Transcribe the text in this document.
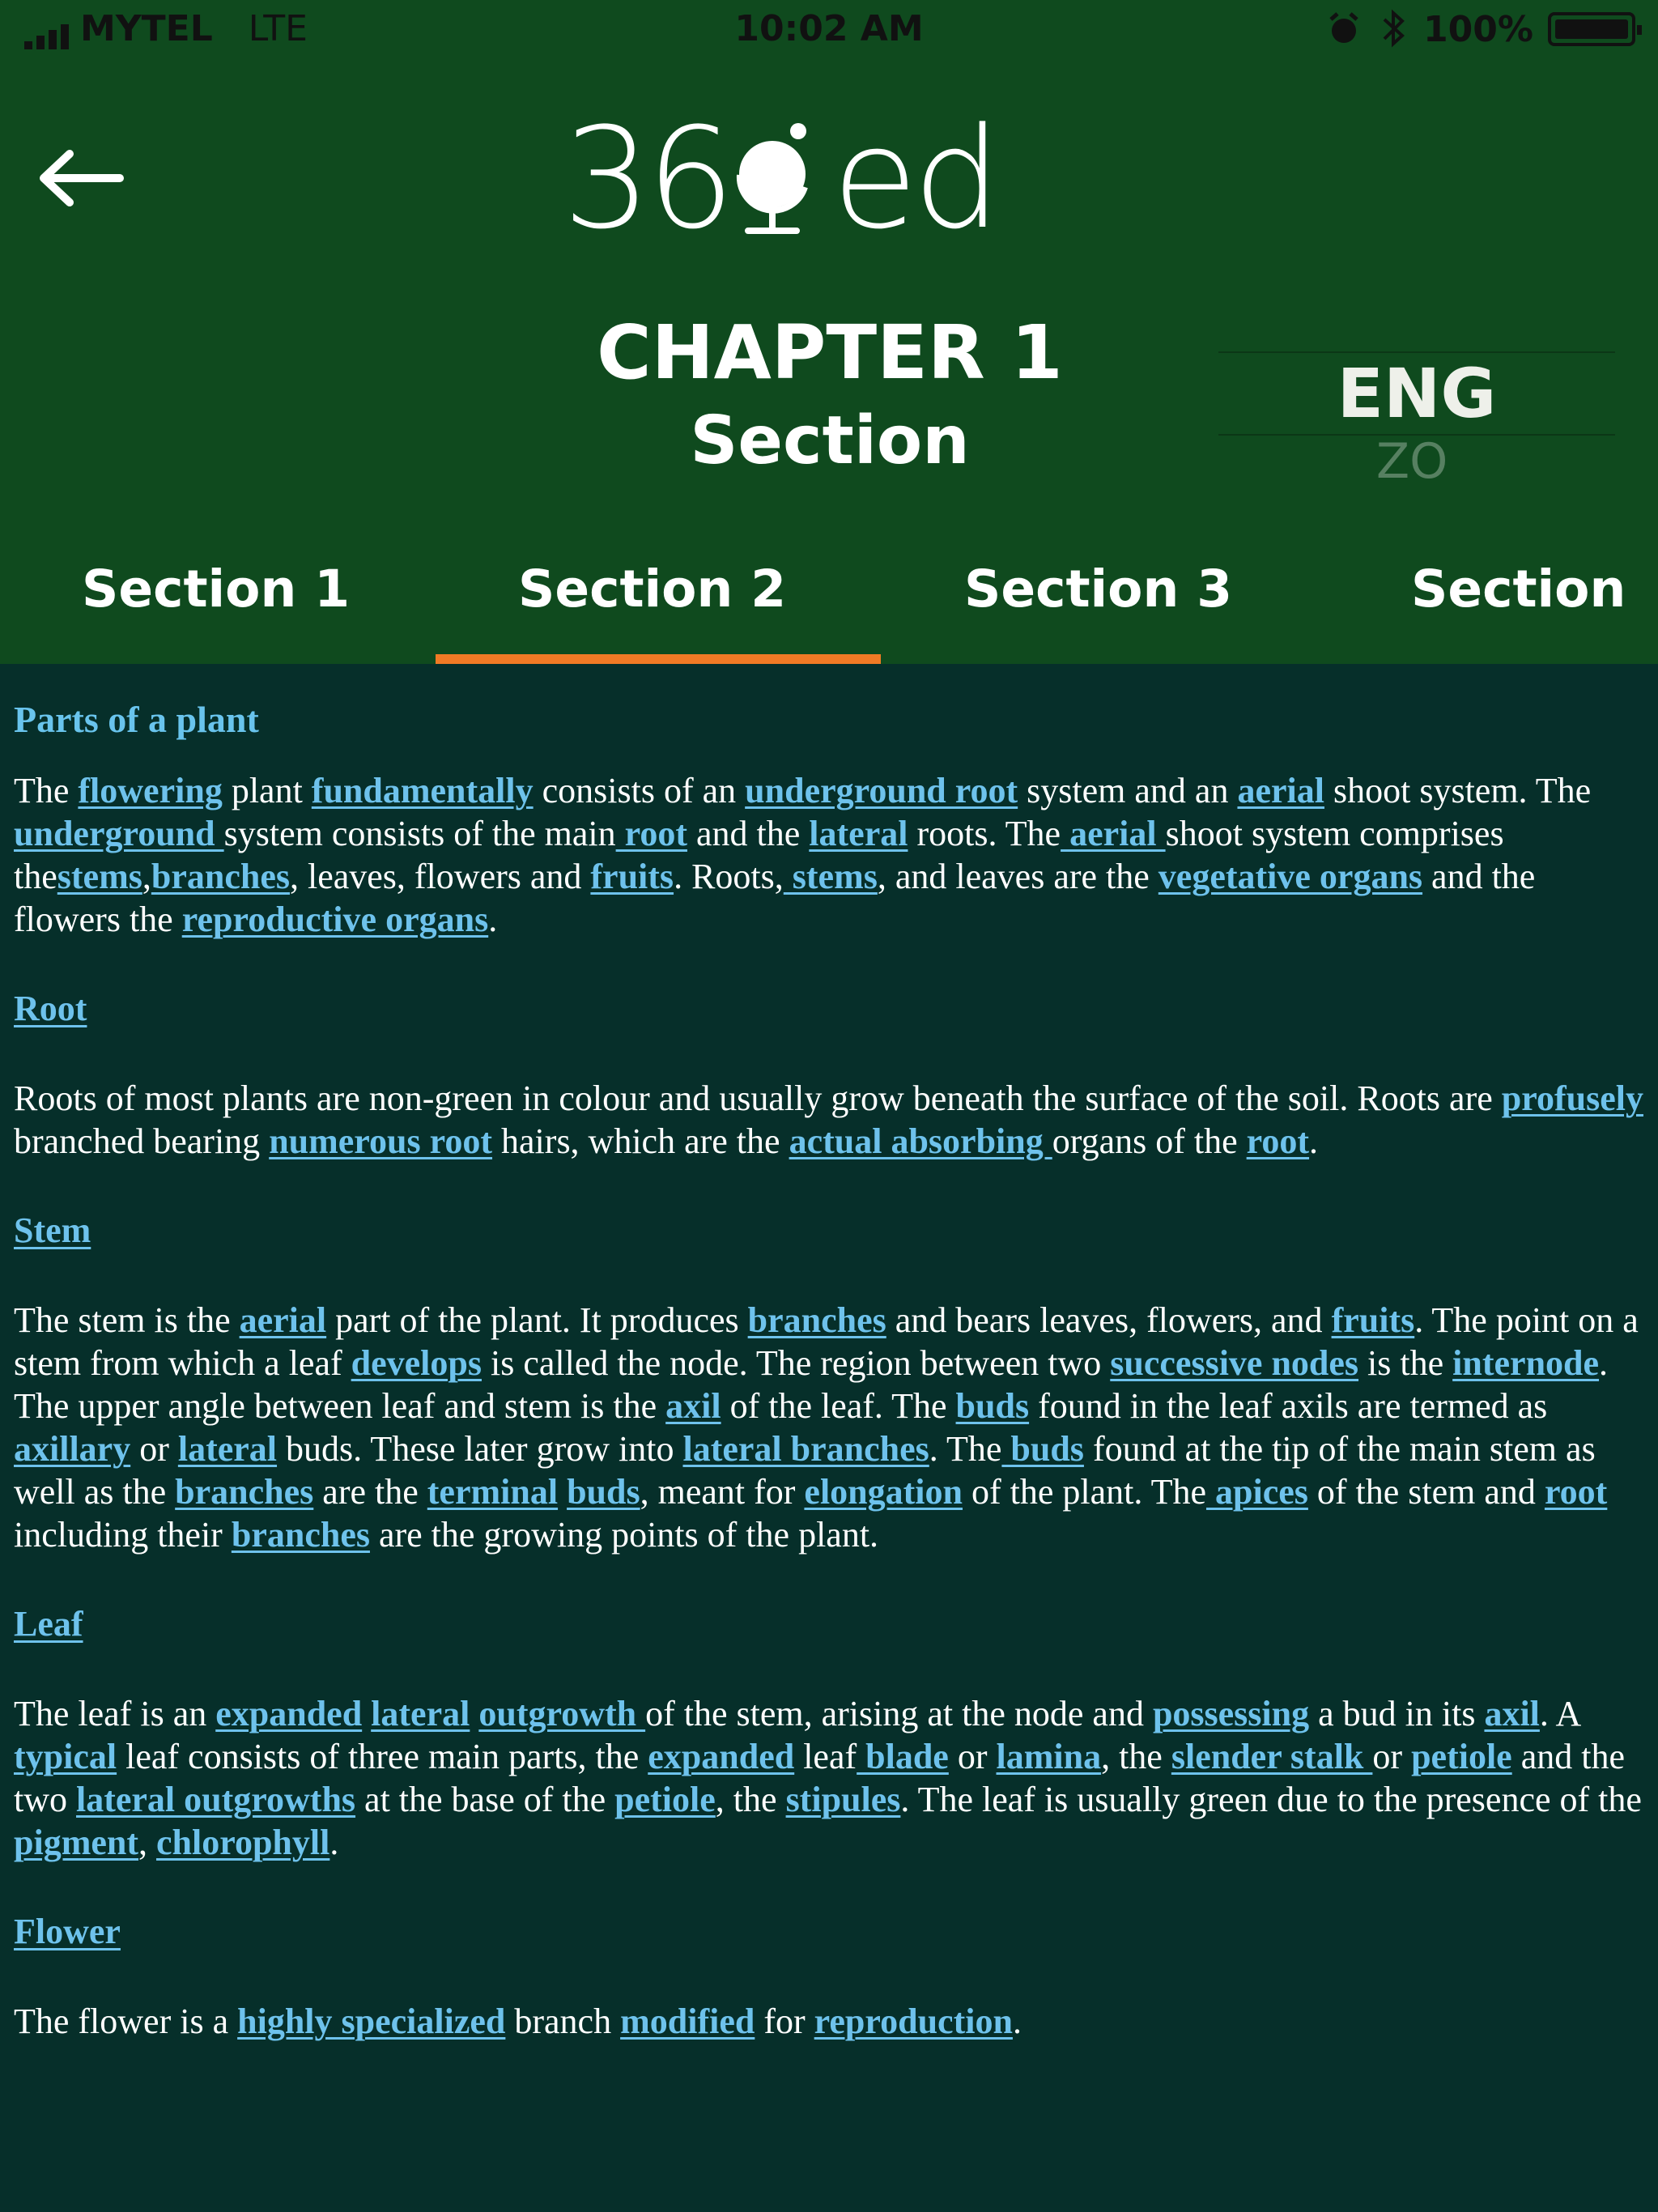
MYTEL LTE	10:02 AM	100%
36 ed
CHAPTER 1
Section
ENG
ZO
Section 1	Section 2	Section 3	Section
Parts of a plant

The flowering plant fundamentally consists of an underground root system and an aerial shoot system. The underground system consists of the main root and the lateral roots. The aerial shoot system comprises thestems,branches, leaves, flowers and fruits. Roots, stems, and leaves are the vegetative organs and the flowers the reproductive organs.

Root

Roots of most plants are non-green in colour and usually grow beneath the surface of the soil. Roots are profusely branched bearing numerous root hairs, which are the actual absorbing organs of the root.

Stem

The stem is the aerial part of the plant. It produces branches and bears leaves, flowers, and fruits. The point on a stem from which a leaf develops is called the node. The region between two successive nodes is the internode. The upper angle between leaf and stem is the axil of the leaf. The buds found in the leaf axils are termed as axillary or lateral buds. These later grow into lateral branches. The buds found at the tip of the main stem as well as the branches are the terminal buds, meant for elongation of the plant. The apices of the stem and root including their branches are the growing points of the plant.

Leaf

The leaf is an expanded lateral outgrowth of the stem, arising at the node and possessing a bud in its axil. A typical leaf consists of three main parts, the expanded leaf blade or lamina, the slender stalk or petiole and the two lateral outgrowths at the base of the petiole, the stipules. The leaf is usually green due to the presence of the pigment, chlorophyll.

Flower

The flower is a highly specialized branch modified for reproduction.
